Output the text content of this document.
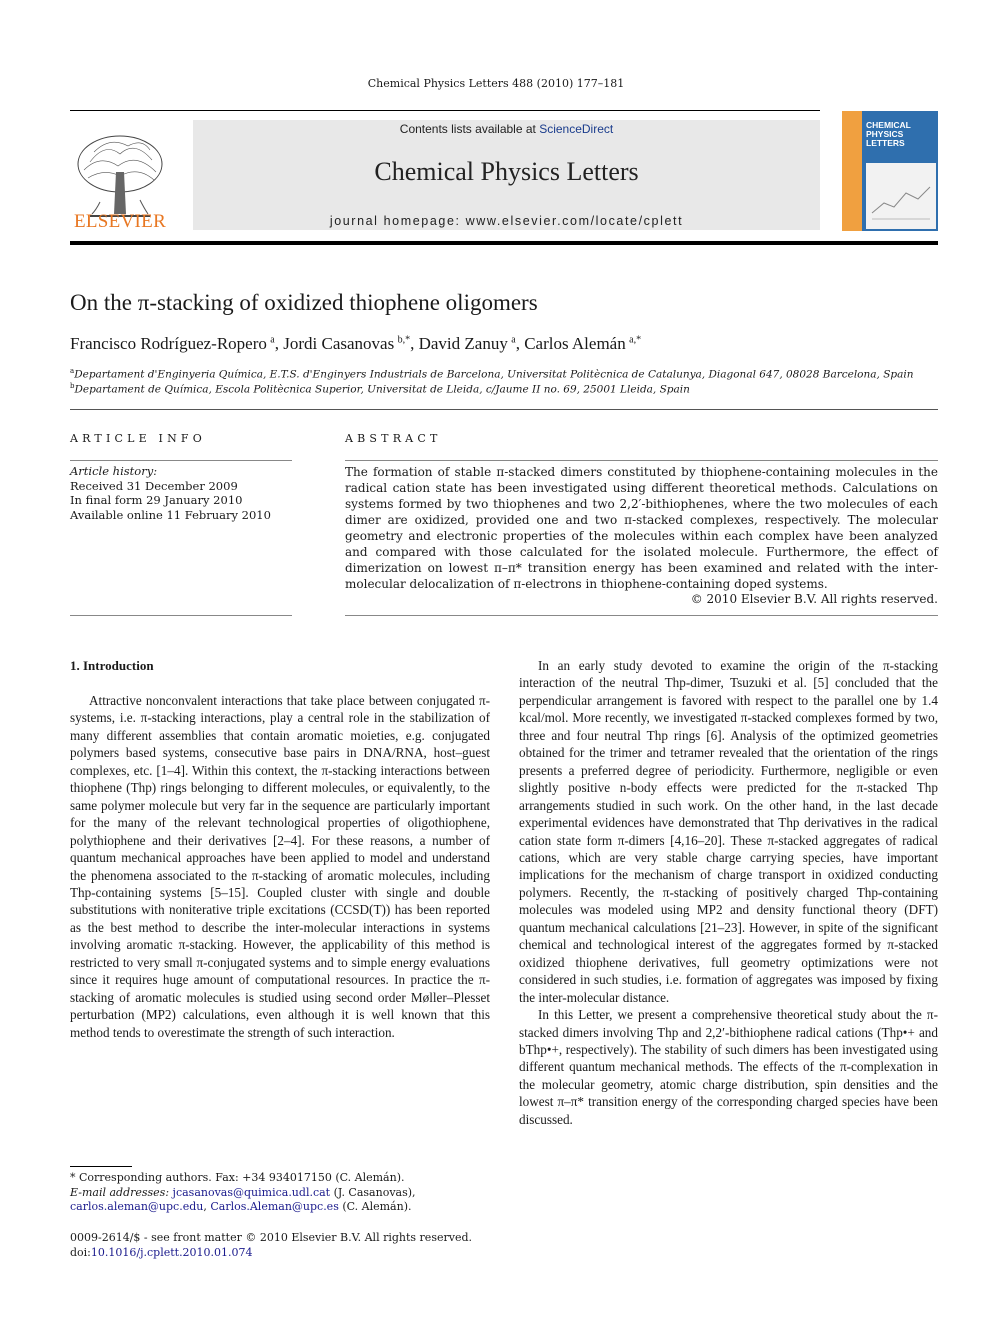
Chemical Physics Letters 488 (2010) 177–181
ELSEVIER
Contents lists available at ScienceDirect
Chemical Physics Letters
journal homepage: www.elsevier.com/locate/cplett
CHEMICAL
PHYSICS
LETTERS
On the π-stacking of oxidized thiophene oligomers
Francisco Rodríguez-Ropero  $^a$, Jordi Casanovas  $^{b,*}$, David Zanuy  $^a$, Carlos Alemán  $^{a,*}$
$^a$Departament d'Enginyeria Química, E.T.S. d'Enginyers Industrials de Barcelona, Universitat Politècnica de Catalunya, Diagonal 647, 08028 Barcelona, Spain
$^b$Departament de Química, Escola Politècnica Superior, Universitat de Lleida, c/Jaume II no. 69, 25001 Lleida, Spain
ARTICLE INFO
Article history:
Received 31 December 2009
In final form 29 January 2010
Available online 11 February 2010
ABSTRACT
The formation of stable π-stacked dimers constituted by thiophene-containing molecules in the radical cation state has been investigated using different theoretical methods. Calculations on systems formed by two thiophenes and two 2,2′-bithiophenes, where the two molecules of each dimer are oxidized, provided one and two π-stacked complexes, respectively. The molecular geometry and electronic properties of the molecules within each complex have been analyzed and compared with those calculated for the isolated molecule. Furthermore, the effect of dimerization on lowest π–π* transition energy has been examined and related with the inter-molecular delocalization of π-electrons in thiophene-containing doped systems.
© 2010 Elsevier B.V. All rights reserved.
1. Introduction

Attractive nonconvalent interactions that take place between conjugated π-systems, i.e. π-stacking interactions, play a central role in the stabilization of many different assemblies that contain aromatic moieties, e.g. conjugated polymers based systems, consecutive base pairs in DNA/RNA, host–guest complexes, etc. [1–4]. Within this context, the π-stacking interactions between thiophene (Thp) rings belonging to different molecules, or equivalently, to the same polymer molecule but very far in the sequence are particularly important for the many of the relevant technological properties of oligothiophene, polythiophene and their derivatives [2–4]. For these reasons, a number of quantum mechanical approaches have been applied to model and understand the phenomena associated to the π-stacking of aromatic molecules, including Thp-containing systems [5–15]. Coupled cluster with single and double substitutions with noniterative triple excitations (CCSD(T)) has been reported as the best method to describe the inter-molecular interactions in systems involving aromatic π-stacking. However, the applicability of this method is restricted to very small π-conjugated systems and to simple energy evaluations since it requires huge amount of computational resources. In practice the π-stacking of aromatic molecules is studied using second order Møller–Plesset perturbation (MP2) calculations, even although it is well known that this method tends to overestimate the strength of such interaction.

In an early study devoted to examine the origin of the π-stacking interaction of the neutral Thp-dimer, Tsuzuki et al. [5] concluded that the perpendicular arrangement is favored with respect to the parallel one by 1.4 kcal/mol. More recently, we investigated π-stacked complexes formed by two, three and four neutral Thp rings [6]. Analysis of the optimized geometries obtained for the trimer and tetramer revealed that the orientation of the rings presents a preferred degree of periodicity. Furthermore, negligible or even slightly positive n-body effects were predicted for the π-stacked Thp arrangements studied in such work. On the other hand, in the last decade experimental evidences have demonstrated that Thp derivatives in the radical cation state form π-dimers [4,16–20]. These π-stacked aggregates of radical cations, which are very stable charge carrying species, have important implications for the mechanism of charge transport in oxidized conducting polymers. Recently, the π-stacking of positively charged Thp-containing molecules was modeled using MP2 and density functional theory (DFT) quantum mechanical calculations [21–23]. However, in spite of the significant chemical and technological interest of the aggregates formed by π-stacked oxidized thiophene derivatives, full geometry optimizations were not considered in such studies, i.e. formation of aggregates was imposed by fixing the inter-molecular distance.

In this Letter, we present a comprehensive theoretical study about the π-stacked dimers involving Thp and 2,2′-bithiophene radical cations (Thp•+ and bThp•+, respectively). The stability of such dimers has been investigated using different quantum mechanical methods. The effects of the π-complexation in the molecular geometry, atomic charge distribution, spin densities and the lowest π–π* transition energy of the corresponding charged species have been discussed.

* Corresponding authors. Fax: +34 934017150 (C. Alemán).
E-mail addresses: jcasanovas@quimica.udl.cat (J. Casanovas), carlos.aleman@upc.edu, Carlos.Aleman@upc.es (C. Alemán).
0009-2614/$ - see front matter © 2010 Elsevier B.V. All rights reserved.
doi:10.1016/j.cplett.2010.01.074
